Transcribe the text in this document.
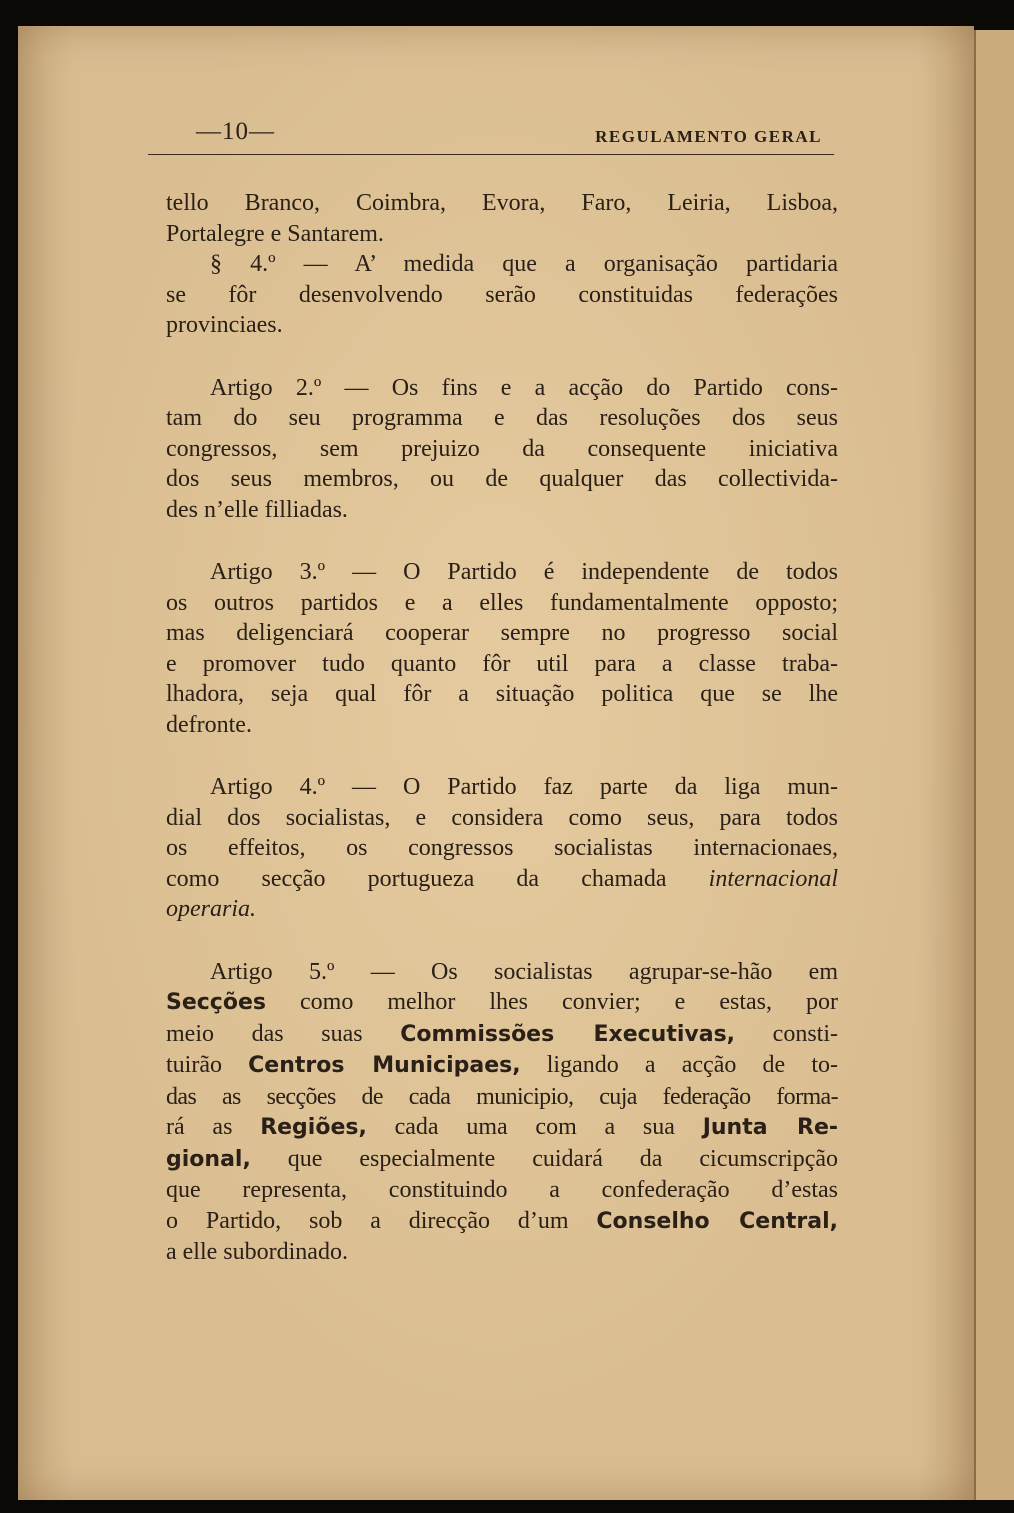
—10—	REGULAMENTO GERAL
tello Branco, Coimbra, Evora, Faro, Leiria, Lisboa,
Portalegre e Santarem.
§ 4.º — A’ medida que a organisação partidaria
se fôr desenvolvendo serão constituidas federações
provinciaes.
Artigo 2.º — Os fins e a acção do Partido cons-
tam do seu programma e das resoluções dos seus
congressos, sem prejuizo da consequente iniciativa
dos seus membros, ou de qualquer das collectivida-
des n’elle filliadas.
Artigo 3.º — O Partido é independente de todos
os outros partidos e a elles fundamentalmente opposto;
mas deligenciará cooperar sempre no progresso social
e promover tudo quanto fôr util para a classe traba-
lhadora, seja qual fôr a situação politica que se lhe
defronte.
Artigo 4.º — O Partido faz parte da liga mun-
dial dos socialistas, e considera como seus, para todos
os effeitos, os congressos socialistas internacionaes,
como secção portugueza da chamada internacional
operaria.
Artigo 5.º — Os socialistas agrupar-se-hão em
Secções como melhor lhes convier; e estas, por
meio das suas Commissões Executivas, consti-
tuirão Centros Municipaes, ligando a acção de to-
das as secções de cada municipio, cuja federação forma-
rá as Regiões, cada uma com a sua Junta Re-
gional, que especialmente cuidará da cicumscripção
que representa, constituindo a confederação d’estas
o Partido, sob a direcção d’um Conselho Central,
a elle subordinado.
